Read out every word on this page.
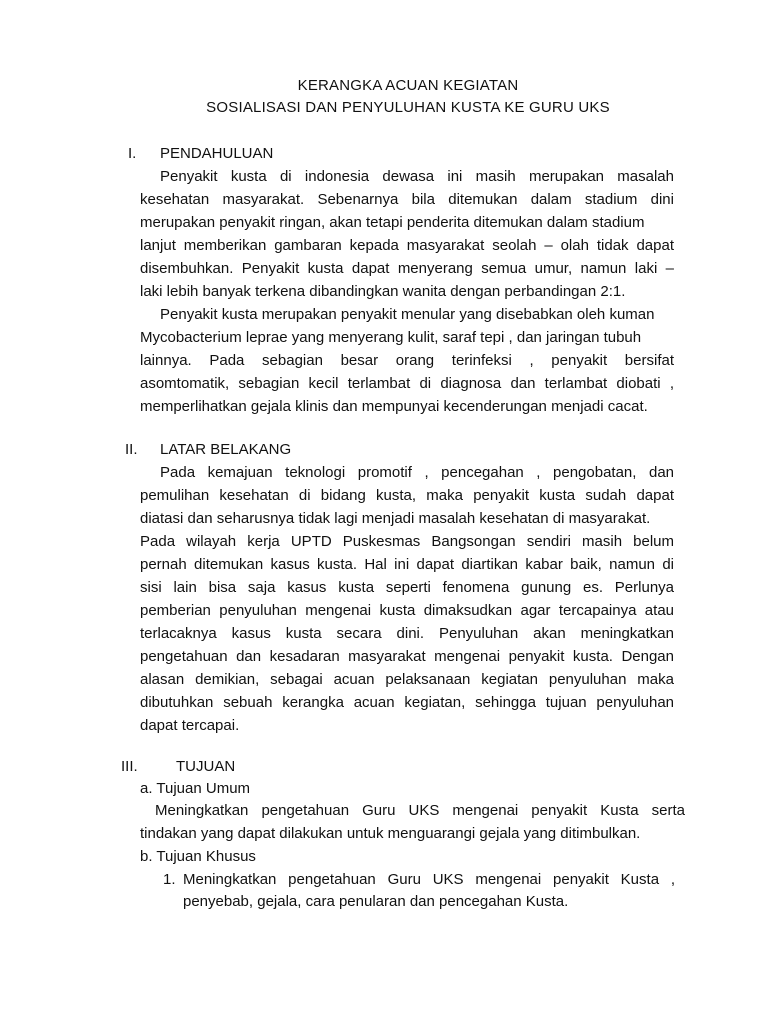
KERANGKA ACUAN KEGIATAN
SOSIALISASI DAN PENYULUHAN KUSTA KE GURU UKS
I. PENDAHULUAN
Penyakit kusta di indonesia dewasa ini masih merupakan masalah
kesehatan masyarakat. Sebenarnya bila ditemukan dalam stadium dini
merupakan penyakit ringan, akan tetapi penderita ditemukan dalam stadium
lanjut memberikan gambaran kepada masyarakat seolah – olah tidak dapat
disembuhkan. Penyakit kusta dapat menyerang semua umur, namun laki –
laki lebih banyak terkena dibandingkan wanita dengan perbandingan 2:1.
Penyakit kusta merupakan penyakit menular yang disebabkan oleh kuman
Mycobacterium leprae yang menyerang kulit, saraf tepi , dan jaringan tubuh
lainnya. Pada sebagian besar orang terinfeksi , penyakit bersifat
asomtomatik, sebagian kecil terlambat di diagnosa dan terlambat diobati ,
memperlihatkan gejala klinis dan mempunyai kecenderungan menjadi cacat.
II. LATAR BELAKANG
Pada kemajuan teknologi promotif , pencegahan , pengobatan, dan
pemulihan kesehatan di bidang kusta, maka penyakit kusta sudah dapat
diatasi dan seharusnya tidak lagi menjadi masalah kesehatan di masyarakat.
Pada wilayah kerja UPTD Puskesmas Bangsongan sendiri masih belum
pernah ditemukan kasus kusta. Hal ini dapat diartikan kabar baik, namun di
sisi lain bisa saja kasus kusta seperti fenomena gunung es. Perlunya
pemberian penyuluhan mengenai kusta dimaksudkan agar tercapainya atau
terlacaknya kasus kusta secara dini. Penyuluhan akan meningkatkan
pengetahuan dan kesadaran masyarakat mengenai penyakit kusta. Dengan
alasan demikian, sebagai acuan pelaksanaan kegiatan penyuluhan maka
dibutuhkan sebuah kerangka acuan kegiatan, sehingga tujuan penyuluhan
dapat tercapai.
III.	TUJUAN
a. Tujuan Umum
Meningkatkan pengetahuan Guru UKS mengenai penyakit Kusta serta
tindakan yang dapat dilakukan untuk menguarangi gejala yang ditimbulkan.
b. Tujuan Khusus
1. Meningkatkan pengetahuan Guru UKS mengenai penyakit Kusta ,
penyebab, gejala, cara penularan dan pencegahan Kusta.
